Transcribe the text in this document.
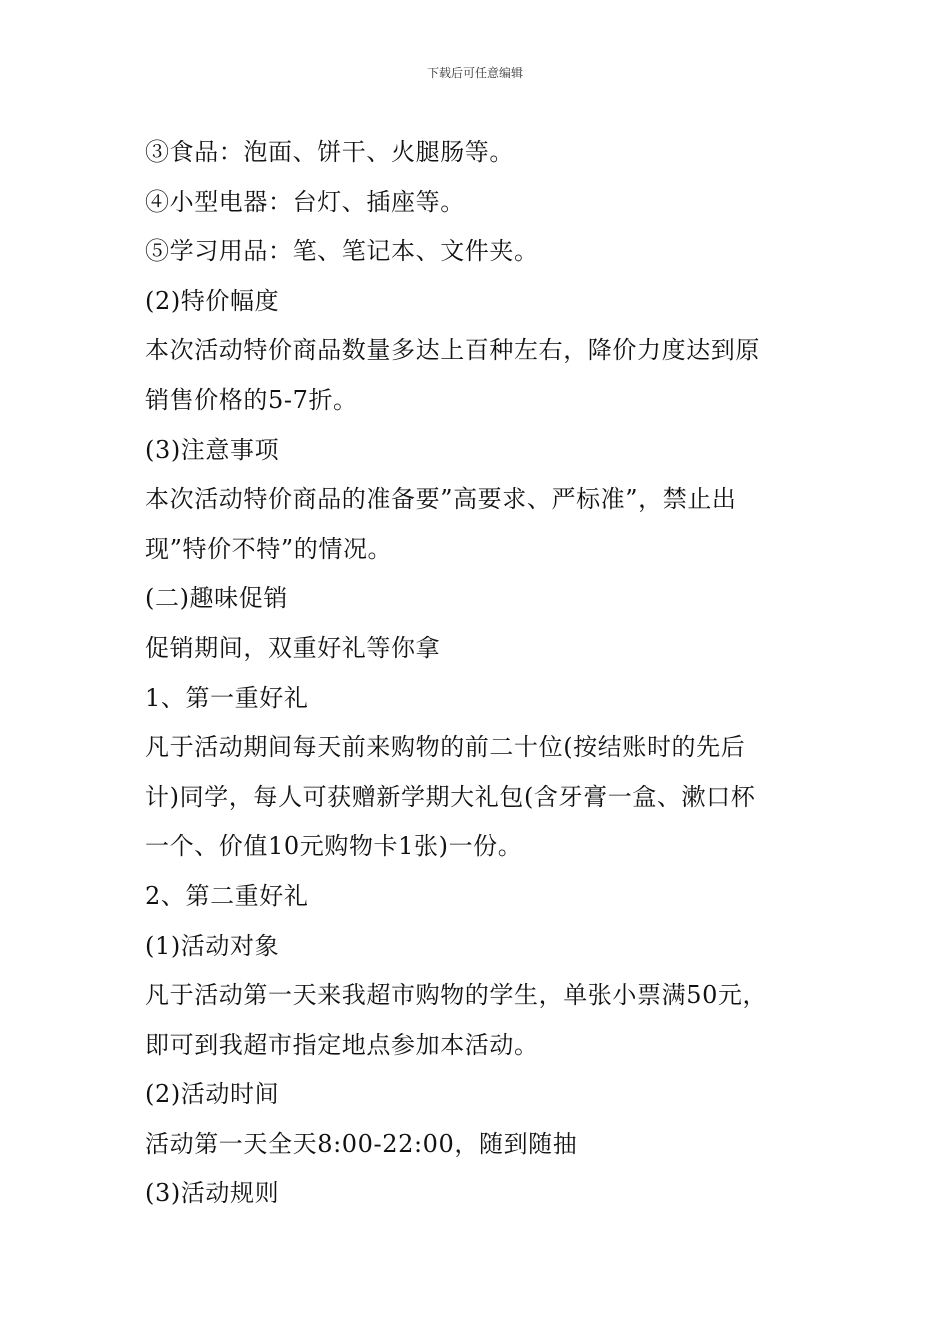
下载后可任意编辑
③食品：泡面、饼干、火腿肠等。
④小型电器：台灯、插座等。
⑤学习用品：笔、笔记本、文件夹。
(2)特价幅度
本次活动特价商品数量多达上百种左右，降价力度达到原
销售价格的5-7折。
(3)注意事项
本次活动特价商品的准备要”高要求、严标准”，禁止出
现”特价不特”的情况。
(二)趣味促销
促销期间，双重好礼等你拿
1、第一重好礼
凡于活动期间每天前来购物的前二十位(按结账时的先后
计)同学，每人可获赠新学期大礼包(含牙膏一盒、漱口杯
一个、价值10元购物卡1张)一份。
2、第二重好礼
(1)活动对象
凡于活动第一天来我超市购物的学生，单张小票满50元，
即可到我超市指定地点参加本活动。
(2)活动时间
活动第一天全天8:00-22:00，随到随抽
(3)活动规则
